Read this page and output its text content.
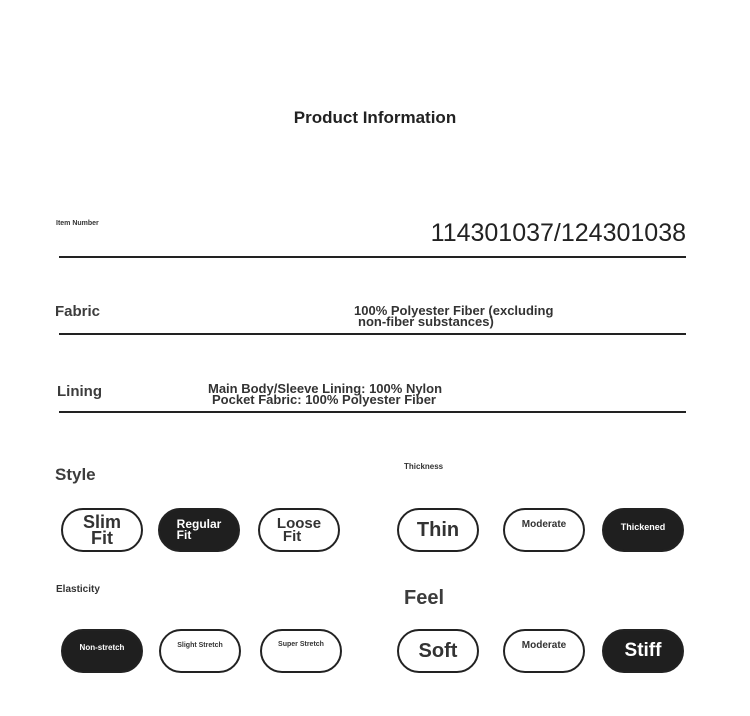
Product Information
Item Number	114301037/124301038
Fabric	100% Polyester Fiber (excluding
non-fiber substances)
Lining	Main Body/Sleeve Lining: 100% Nylon
Pocket Fabric: 100% Polyester Fiber
Style
Slim
Fit
Regular
Fit
Loose
Fit
Thickness
Thin	Moderate	Thickened
Elasticity
Non-stretch	Slight Stretch	Super Stretch
Feel
Soft	Moderate	Stiff
